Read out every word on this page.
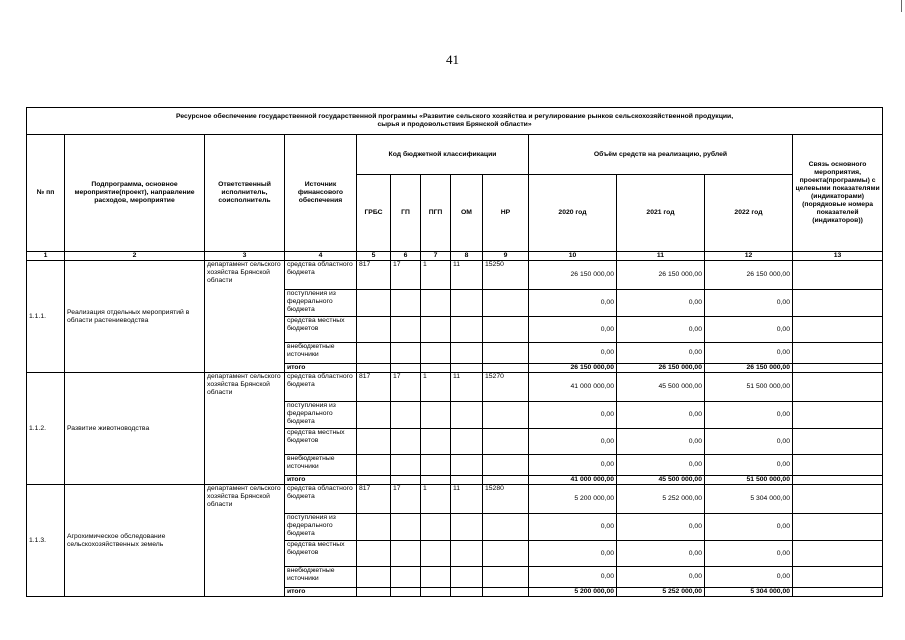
41
Ресурсное обеспечение государственной государственной программы «Развитие сельского хозяйства и регулирование рынков сельскохозяйственной продукции,
сырья и продовольствия Брянской области»												

№ пп	Подпрограмма, основное мероприятие(проект), направление расходов, мероприятие	Ответственный исполнитель, соисполнитель	Источник финансового обеспечения	Код бюджетной классификации					Объём средств на реализацию, рублей			Связь основного мероприятия, проекта(программы) с целевыми показателями (индикаторами) (порядковые номера показателей (индикаторов))
				ГРБС	ГП	ПГП	ОМ	НР	2020 год	2021 год	2022 год	
1	2	3	4	5	6	7	8	9	10	11	12	13
1.1.1.	Реализация отдельных мероприятий в области растениеводства	департамент сельского хозяйства Брянской области	средства областного бюджета	817	17	1	11	15250	26 150 000,00	26 150 000,00	26 150 000,00	
			поступления из федерального бюджета						0,00	0,00	0,00	
			средства местных бюджетов						0,00	0,00	0,00	
			внебюджетные источники						0,00	0,00	0,00	
			итого						26 150 000,00	26 150 000,00	26 150 000,00	
1.1.2.	Развитие животноводства	департамент сельского хозяйства Брянской области	средства областного бюджета	817	17	1	11	15270	41 000 000,00	45 500 000,00	51 500 000,00	
			поступления из федерального бюджета						0,00	0,00	0,00	
			средства местных бюджетов						0,00	0,00	0,00	
			внебюджетные источники						0,00	0,00	0,00	
			итого						41 000 000,00	45 500 000,00	51 500 000,00	
1.1.3.	Агрохимическое обследование сельскохозяйственных земель	департамент сельского хозяйства Брянской области	средства областного бюджета	817	17	1	11	15280	5 200 000,00	5 252 000,00	5 304 000,00	
			поступления из федерального бюджета						0,00	0,00	0,00	
			средства местных бюджетов						0,00	0,00	0,00	
			внебюджетные источники						0,00	0,00	0,00	
			итого						5 200 000,00	5 252 000,00	5 304 000,00	
